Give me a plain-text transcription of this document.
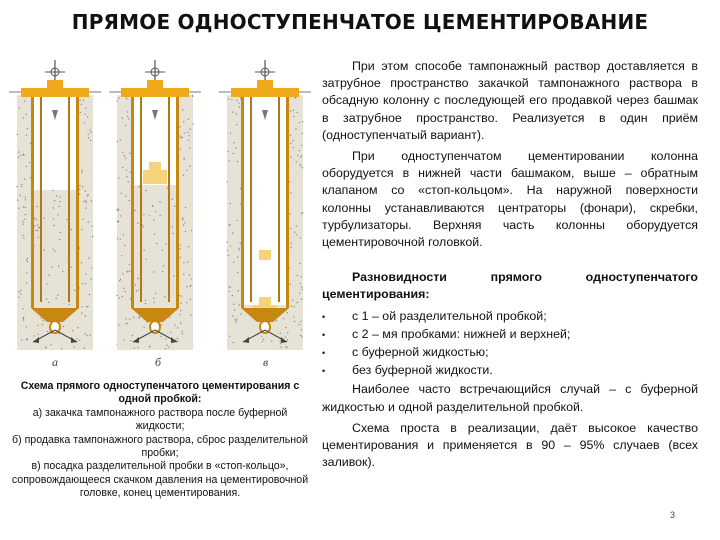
ПРЯМОЕ ОДНОСТУПЕНЧАТОЕ ЦЕМЕНТИРОВАНИЕ
а	б	в
Схема прямого одноступенчатого цементирования с одной пробкой:
а) закачка тампонажного раствора после буферной жидкости;
б) продавка тампонажного раствора, сброс разделительной пробки;
в) посадка разделительной пробки в «стоп-кольцо», сопровождающееся скачком давления на цементировочной головке, конец цементирования.

При этом способе тампонажный раствор доставляется в затрубное пространство закачкой тампонажного раствора в обсадную колонну с последующей его продавкой через башмак в затрубное пространство. Реализуется в один приём (одноступенчатый вариант).

При одноступенчатом цементировании колонна оборудуется в нижней части башмаком, выше – обратным клапаном со «стоп-кольцом». На наружной поверхности колонны устанавливаются центраторы (фонари), скребки, турбулизаторы. Верхняя часть колонны оборудуется цементировочной головкой.

Разновидности прямого одноступенчатого цементирования:

• с 1 – ой разделительной пробкой;
• с 2 – мя пробками: нижней и верхней;
• с буферной жидкостью;
• без буферной жидкости.

Наиболее часто встречающийся случай – с буферной жидкостью и одной разделительной пробкой.

Схема проста в реализации, даёт высокое качество цементирования и применяется в 90 – 95% случаев (всех заливок).

3
